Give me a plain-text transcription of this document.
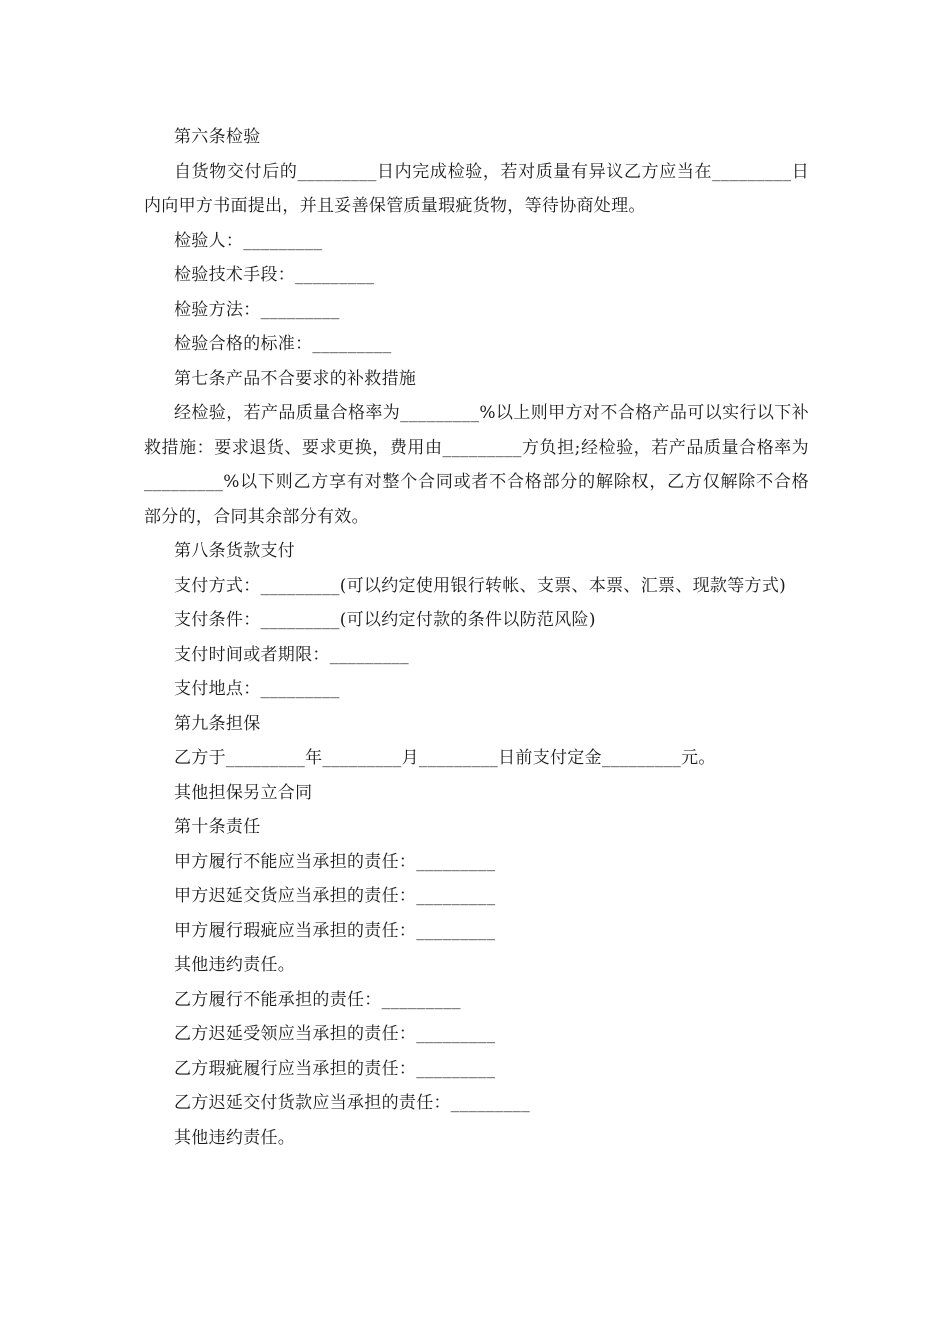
第六条检验

自货物交付后的_________日内完成检验，若对质量有异议乙方应当在_________日内向甲方书面提出，并且妥善保管质量瑕疵货物，等待协商处理。

检验人：_________

检验技术手段：_________

检验方法：_________

检验合格的标准：_________

第七条产品不合要求的补救措施

经检验，若产品质量合格率为_________%以上则甲方对不合格产品可以实行以下补救措施：要求退货、要求更换，费用由_________方负担;经检验，若产品质量合格率为_________%以下则乙方享有对整个合同或者不合格部分的解除权，乙方仅解除不合格部分的，合同其余部分有效。

第八条货款支付

支付方式：_________(可以约定使用银行转帐、支票、本票、汇票、现款等方式)

支付条件：_________(可以约定付款的条件以防范风险)

支付时间或者期限：_________

支付地点：_________

第九条担保

乙方于_________年_________月_________日前支付定金_________元。

其他担保另立合同

第十条责任

甲方履行不能应当承担的责任：_________

甲方迟延交货应当承担的责任：_________

甲方履行瑕疵应当承担的责任：_________

其他违约责任。

乙方履行不能承担的责任：_________

乙方迟延受领应当承担的责任：_________

乙方瑕疵履行应当承担的责任：_________

乙方迟延交付货款应当承担的责任：_________

其他违约责任。
